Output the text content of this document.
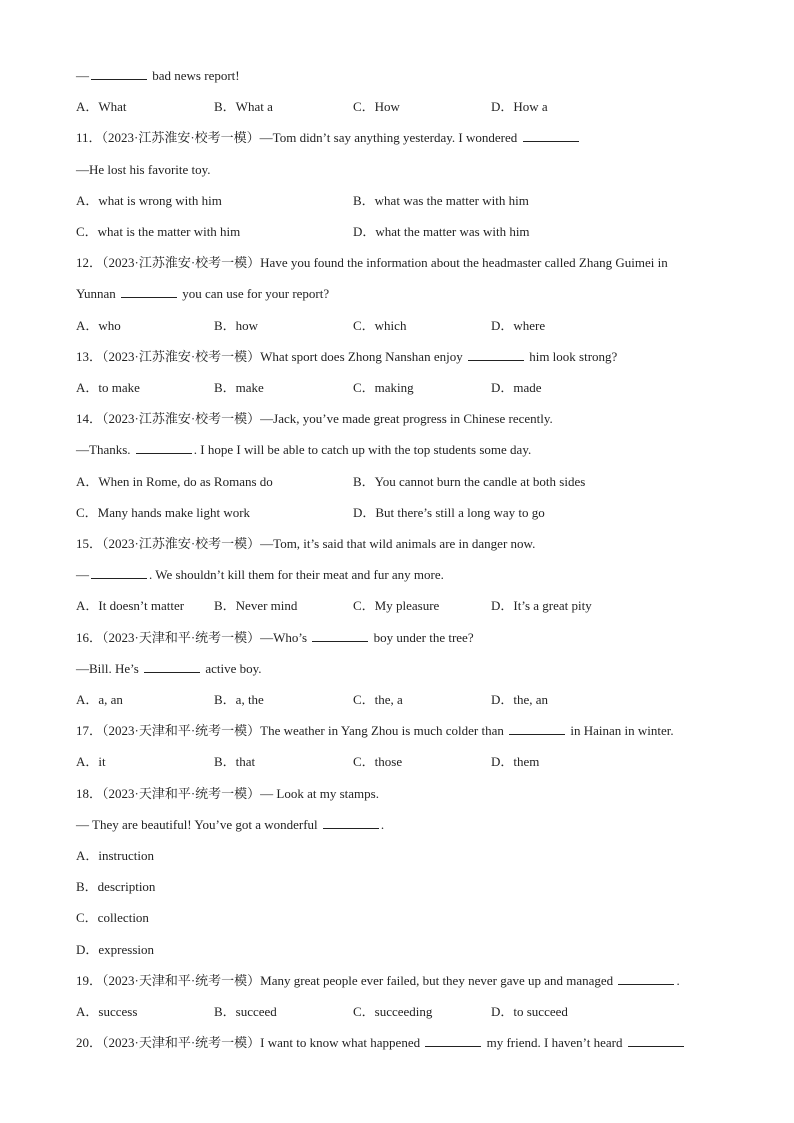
—	bad news report!
A．What	B．What a	C．How	D．How a
11．（2023·江苏淮安·校考一模）—Tom didn’t say anything yesterday. I wondered
—He lost his favorite toy.
A．what is wrong with him	B．what was the matter with him
C．what is the matter with him	D．what the matter was with him
12．（2023·江苏淮安·校考一模）Have you found the information about the headmaster called Zhang Guimei in
Yunnan	you can use for your report?
A．who	B．how	C．which	D．where
13．（2023·江苏淮安·校考一模）What sport does Zhong Nanshan enjoy	him look strong?
A．to make	B．make	C．making	D．made
14．（2023·江苏淮安·校考一模）—Jack, you’ve made great progress in Chinese recently.
—Thanks.	. I hope I will be able to catch up with the top students some day.
A．When in Rome, do as Romans do	B．You cannot burn the candle at both sides
C．Many hands make light work	D．But there’s still a long way to go
15．（2023·江苏淮安·校考一模）—Tom, it’s said that wild animals are in danger now.
—	. We shouldn’t kill them for their meat and fur any more.
A．It doesn’t matter B．Never mind	C．My pleasure	D．It’s a great pity
16．（2023·天津和平·统考一模）—Who’s	boy under the tree?
—Bill. He’s	active boy.
A．a, an	B．a, the	C．the, a	D．the, an
17．（2023·天津和平·统考一模）The weather in Yang Zhou is much colder than	in Hainan in winter.
A．it	B．that	C．those	D．them
18．（2023·天津和平·统考一模）— Look at my stamps.
— They are beautiful! You’ve got a wonderful	.
A．instruction
B．description
C．collection
D．expression
19．（2023·天津和平·统考一模）Many great people ever failed, but they never gave up and managed	.
A．success	B．succeed	C．succeeding	D．to succeed
20．（2023·天津和平·统考一模）I want to know what happened	my friend. I haven’t heard
